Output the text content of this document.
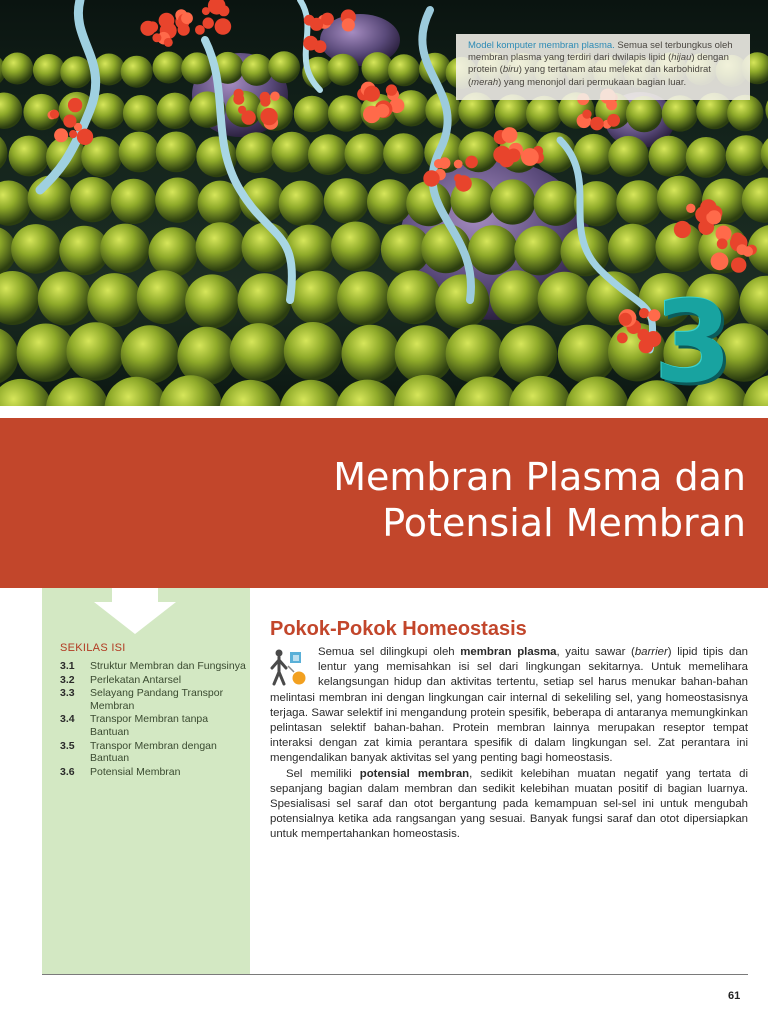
Model komputer membran plasma. Semua sel terbungkus oleh membran plasma yang terdiri dari dwilapis lipid (hijau) dengan protein (biru) yang tertanam atau melekat dan karbohidrat (merah) yang menonjol dari permukaan bagian luar.
3
Membran Plasma dan
Potensial Membran
SEKILAS ISI
3.1	Struktur Membran dan Fungsinya
3.2	Perlekatan Antarsel
3.3	Selayang Pandang Transpor Membran
3.4	Transpor Membran tanpa Bantuan
3.5	Transpor Membran dengan Bantuan
3.6	Potensial Membran
Pokok-Pokok Homeostasis

Semua sel dilingkupi oleh membran plasma, yaitu sawar (barrier) lipid tipis dan lentur yang memisahkan isi sel dari lingkungan sekitarnya. Untuk memelihara kelangsungan hidup dan aktivitas tertentu, setiap sel harus menukar bahan-bahan melintasi membran ini dengan lingkungan cair internal di sekeliling sel, yang homeostasisnya terjaga. Sawar selektif ini mengandung protein spesifik, beberapa di antaranya memungkinkan pelintasan selektif bahan-bahan. Protein membran lainnya merupakan reseptor tempat interaksi dengan zat kimia perantara spesifik di dalam lingkungan sel. Zat perantara ini mengendalikan banyak aktivitas sel yang penting bagi homeostasis.

Sel memiliki potensial membran, sedikit kelebihan muatan negatif yang tertata di sepanjang bagian dalam membran dan sedikit kelebihan muatan positif di bagian luarnya. Spesialisasi sel saraf dan otot bergantung pada kemampuan sel-sel ini untuk mengubah potensialnya ketika ada rangsangan yang sesuai. Banyak fungsi saraf dan otot dipersiapkan untuk mempertahankan homeostasis.

61
